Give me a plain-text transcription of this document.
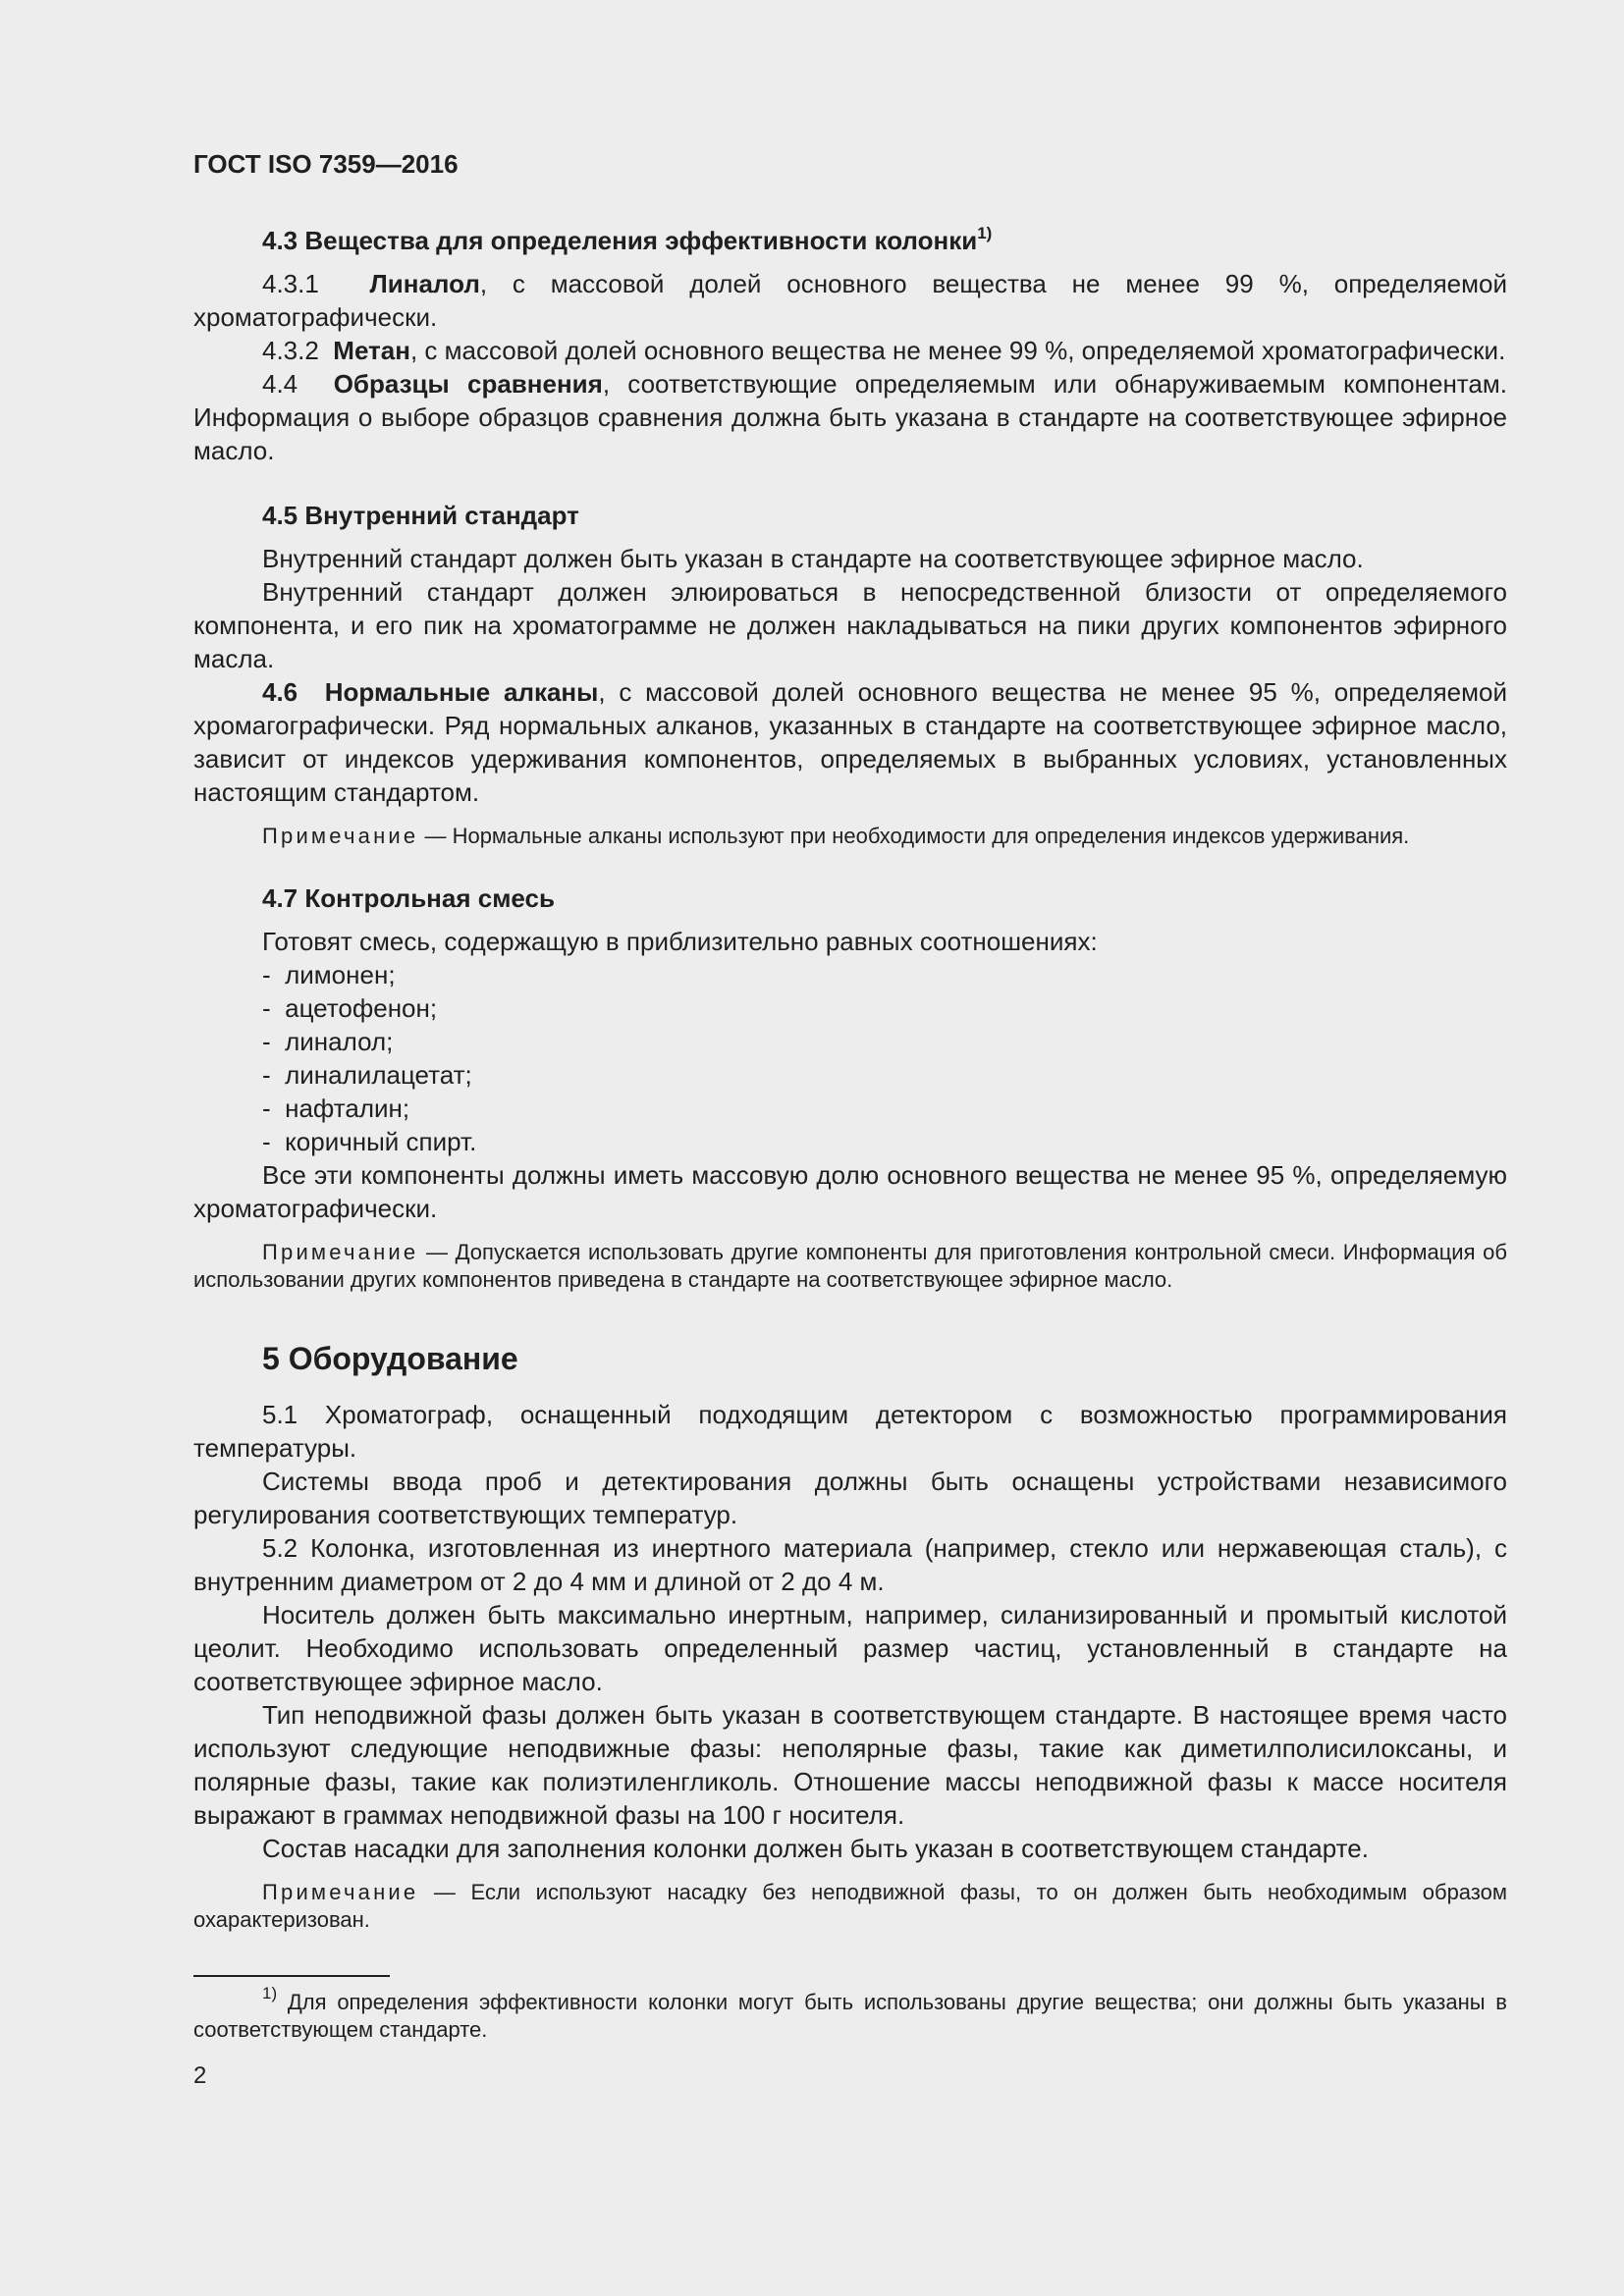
ГОСТ ISO 7359—2016
4.3 Вещества для определения эффективности колонки$^{1)}$

4.3.1 Линалол, с массовой долей основного вещества не менее 99 %, определяемой хроматографически.

4.3.2 Метан, с массовой долей основного вещества не менее 99 %, определяемой хроматографически.

4.4 Образцы сравнения, соответствующие определяемым или обнаруживаемым компонентам. Информация о выборе образцов сравнения должна быть указана в стандарте на соответствующее эфирное масло.

4.5 Внутренний стандарт

Внутренний стандарт должен быть указан в стандарте на соответствующее эфирное масло.

Внутренний стандарт должен элюироваться в непосредственной близости от определяемого компонента, и его пик на хроматограмме не должен накладываться на пики других компонентов эфирного масла.

4.6 Нормальные алканы, с массовой долей основного вещества не менее 95 %, определяемой хромагографически. Ряд нормальных алканов, указанных в стандарте на соответствующее эфирное масло, зависит от индексов удерживания компонентов, определяемых в выбранных условиях, установленных настоящим стандартом.

Примечание — Нормальные алканы используют при необходимости для определения индексов удерживания.

4.7 Контрольная смесь

Готовят смесь, содержащую в приблизительно равных соотношениях:

-  лимонен;
-  ацетофенон;
-  линалол;
-  линалилацетат;
-  нафталин;
-  коричный спирт.

Все эти компоненты должны иметь массовую долю основного вещества не менее 95 %, определяемую хроматографически.

Примечание — Допускается использовать другие компоненты для приготовления контрольной смеси. Информация об использовании других компонентов приведена в стандарте на соответствующее эфирное масло.

5 Оборудование

5.1 Хроматограф, оснащенный подходящим детектором с возможностью программирования температуры.

Системы ввода проб и детектирования должны быть оснащены устройствами независимого регулирования соответствующих температур.

5.2 Колонка, изготовленная из инертного материала (например, стекло или нержавеющая сталь), с внутренним диаметром от 2 до 4 мм и длиной от 2 до 4 м.

Носитель должен быть максимально инертным, например, силанизированный и промытый кислотой цеолит. Необходимо использовать определенный размер частиц, установленный в стандарте на соответствующее эфирное масло.

Тип неподвижной фазы должен быть указан в соответствующем стандарте. В настоящее время часто используют следующие неподвижные фазы: неполярные фазы, такие как диметилполисилоксаны, и полярные фазы, такие как полиэтиленгликоль. Отношение массы неподвижной фазы к массе носителя выражают в граммах неподвижной фазы на 100 г носителя.

Состав насадки для заполнения колонки должен быть указан в соответствующем стандарте.

Примечание — Если используют насадку без неподвижной фазы, то он должен быть необходимым образом охарактеризован.

$^{1)}$ Для определения эффективности колонки могут быть использованы другие вещества; они должны быть указаны в соответствующем стандарте.

2
